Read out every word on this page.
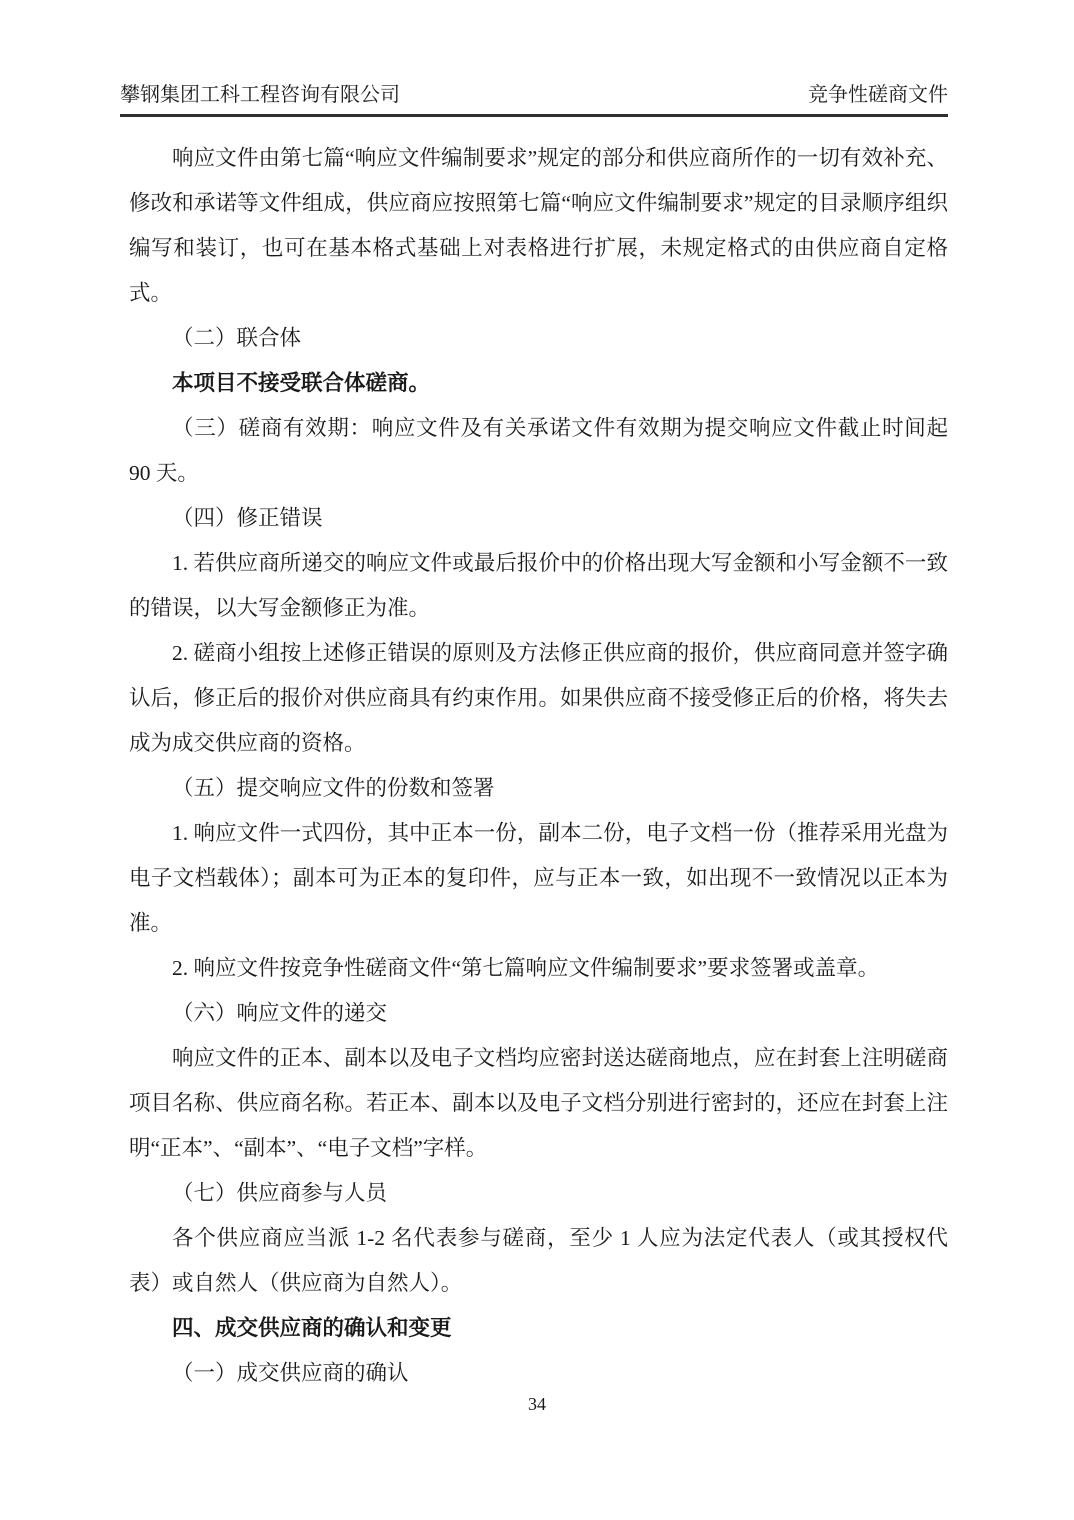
攀钢集团工科工程咨询有限公司	竞争性磋商文件

响应文件由第七篇“响应文件编制要求”规定的部分和供应商所作的一切有效补充、修改和承诺等文件组成，供应商应按照第七篇“响应文件编制要求”规定的目录顺序组织编写和装订，也可在基本格式基础上对表格进行扩展，未规定格式的由供应商自定格式。

（二）联合体

本项目不接受联合体磋商。

（三）磋商有效期：响应文件及有关承诺文件有效期为提交响应文件截止时间起 90 天。

（四）修正错误

1. 若供应商所递交的响应文件或最后报价中的价格出现大写金额和小写金额不一致的错误，以大写金额修正为准。

2. 磋商小组按上述修正错误的原则及方法修正供应商的报价，供应商同意并签字确认后，修正后的报价对供应商具有约束作用。如果供应商不接受修正后的价格，将失去成为成交供应商的资格。

（五）提交响应文件的份数和签署

1. 响应文件一式四份，其中正本一份，副本二份，电子文档一份（推荐采用光盘为电子文档载体）；副本可为正本的复印件，应与正本一致，如出现不一致情况以正本为准。

2. 响应文件按竞争性磋商文件“第七篇响应文件编制要求”要求签署或盖章。

（六）响应文件的递交

响应文件的正本、副本以及电子文档均应密封送达磋商地点，应在封套上注明磋商项目名称、供应商名称。若正本、副本以及电子文档分别进行密封的，还应在封套上注明“正本”、“副本”、“电子文档”字样。

（七）供应商参与人员

各个供应商应当派 1-2 名代表参与磋商，至少 1 人应为法定代表人（或其授权代表）或自然人（供应商为自然人）。

四、成交供应商的确认和变更

（一）成交供应商的确认

34
